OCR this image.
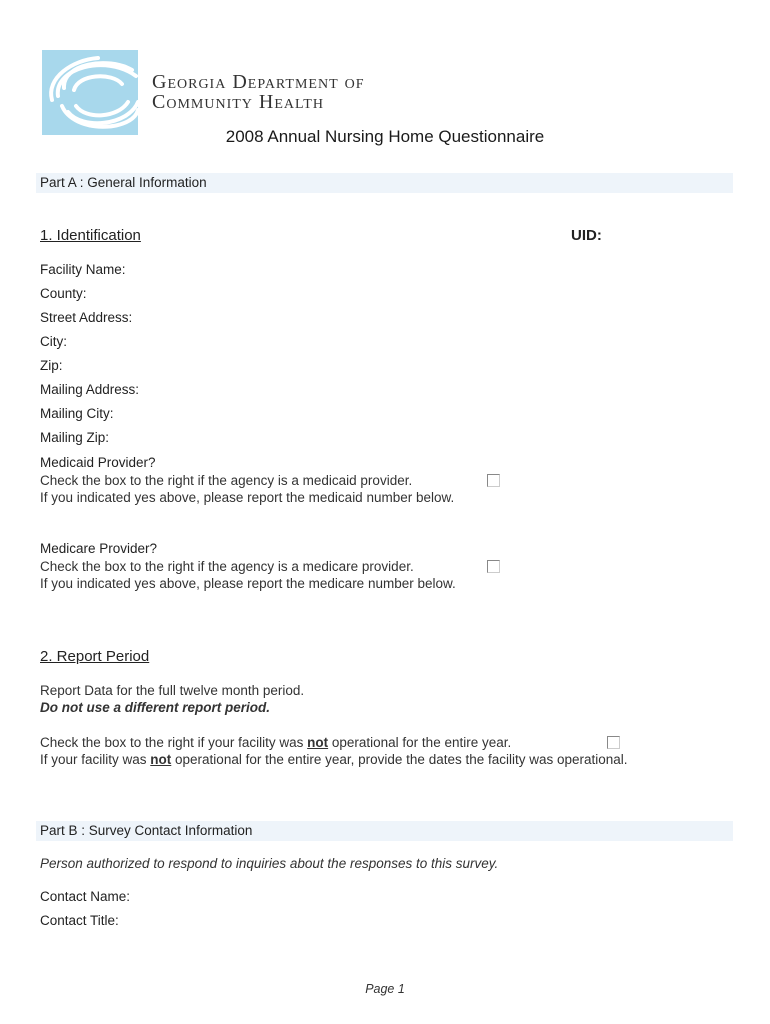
Georgia Department of
Community Health
2008 Annual Nursing Home Questionnaire
Part A : General Information
1. Identification	UID:
Facility Name:
County:
Street Address:
City:
Zip:
Mailing Address:
Mailing City:
Mailing Zip:
Medicaid Provider?
Check the box to the right if the agency is a medicaid provider.
If you indicated yes above, please report the medicaid number below.
Medicare Provider?
Check the box to the right if the agency is a medicare provider.
If you indicated yes above, please report the medicare number below.
2. Report Period
Report Data for the full twelve month period.
Do not use a different report period.
Check the box to the right if your facility was not operational for the entire year.
If your facility was not operational for the entire year, provide the dates the facility was operational.
Part B : Survey Contact Information
Person authorized to respond to inquiries about the responses to this survey.
Contact Name:
Contact Title:
Page 1
